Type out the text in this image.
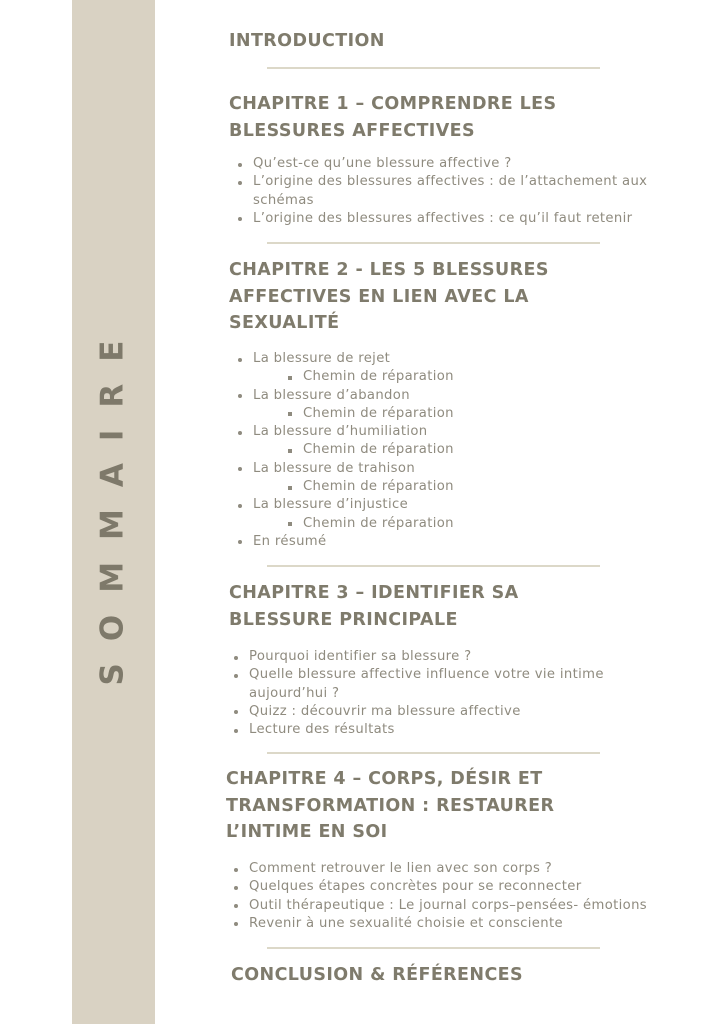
SOMMAIRE
INTRODUCTION
CHAPITRE 1 – COMPRENDRE LES
BLESSURES AFFECTIVES
Qu’est-ce qu’une blessure affective ?
L’origine des blessures affectives : de l’attachement aux
schémas
L’origine des blessures affectives : ce qu’il faut retenir
CHAPITRE 2 - LES 5 BLESSURES
AFFECTIVES EN LIEN AVEC LA
SEXUALITÉ
La blessure de rejet
Chemin de réparation
La blessure d’abandon
Chemin de réparation
La blessure d’humiliation
Chemin de réparation
La blessure de trahison
Chemin de réparation
La blessure d’injustice
Chemin de réparation
En résumé
CHAPITRE 3 – IDENTIFIER SA
BLESSURE PRINCIPALE
Pourquoi identifier sa blessure ?
Quelle blessure affective influence votre vie intime
aujourd’hui ?
Quizz : découvrir ma blessure affective
Lecture des résultats
CHAPITRE 4 – CORPS, DÉSIR ET
TRANSFORMATION : RESTAURER
L’INTIME EN SOI
Comment retrouver le lien avec son corps ?
Quelques étapes concrètes pour se reconnecter
Outil thérapeutique : Le journal corps–pensées- émotions
Revenir à une sexualité choisie et consciente
CONCLUSION & RÉFÉRENCES
